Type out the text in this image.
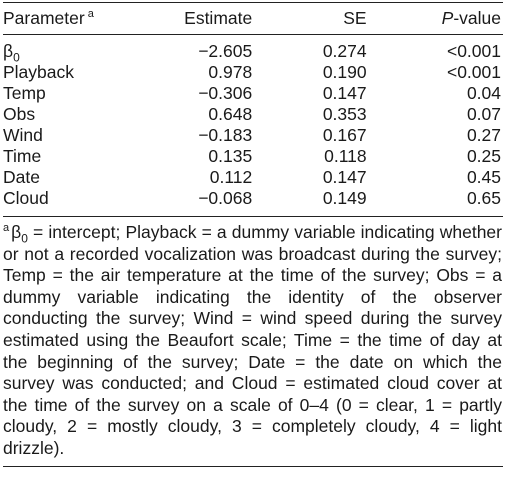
Parameter $^a$	Estimate	SE	P-value

$\beta_0$	−2.605	0.274	<0.001
Playback	0.978	0.190	<0.001
Temp	−0.306	0.147	0.04
Obs	0.648	0.353	0.07
Wind	−0.183	0.167	0.27
Time	0.135	0.118	0.25
Date	0.112	0.147	0.45
Cloud	−0.068	0.149	0.65
$^a$ $\beta_0$ = intercept; Playback = a dummy variable indicating whether or not a recorded vocalization was broadcast during the survey; Temp = the air temperature at the time of the survey; Obs = a dummy variable indicating the identity of the observer conducting the survey; Wind = wind speed during the survey estimated using the Beaufort scale; Time = the time of day at the beginning of the survey; Date = the date on which the survey was conducted; and Cloud = estimated cloud cover at the time of the survey on a scale of 0–4 (0 = clear, 1 = partly cloudy, 2 = mostly cloudy, 3 = completely cloudy, 4 = light drizzle).
